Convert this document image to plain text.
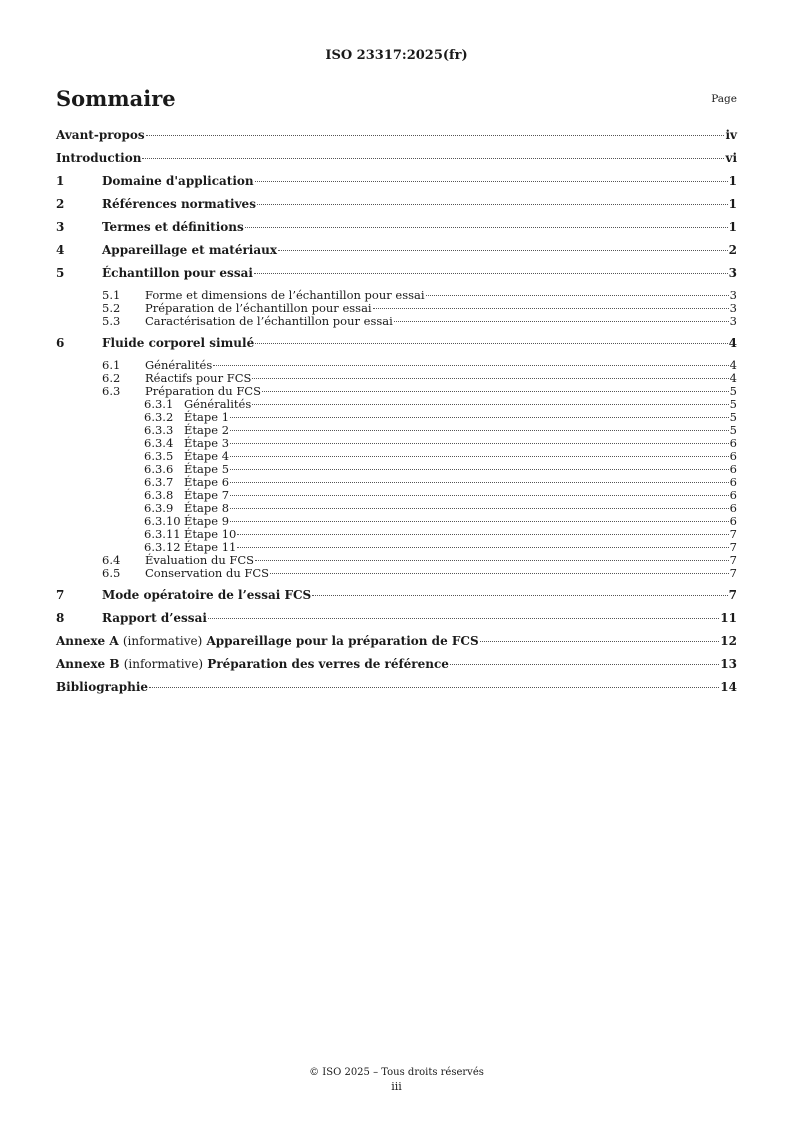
ISO 23317:2025(fr)
Sommaire	Page
Avant-propos	iv
Introduction	vi
1	Domaine d'application	1
2	Références normatives	1
3	Termes et définitions	1
4	Appareillage et matériaux	2
5	Échantillon pour essai	3
5.1	Forme et dimensions de l’échantillon pour essai	3
5.2	Préparation de l’échantillon pour essai	3
5.3	Caractérisation de l’échantillon pour essai	3
6	Fluide corporel simulé	4
6.1	Généralités	4
6.2	Réactifs pour FCS	4
6.3	Préparation du FCS	5
6.3.1 Généralités	5
6.3.2 Étape 1	5
6.3.3 Étape 2	5
6.3.4 Étape 3	6
6.3.5 Étape 4	6
6.3.6 Étape 5	6
6.3.7 Étape 6	6
6.3.8 Étape 7	6
6.3.9 Étape 8	6
6.3.10 Étape 9	6
6.3.11 Étape 10	7
6.3.12 Étape 11	7
6.4	Évaluation du FCS	7
6.5	Conservation du FCS	7
7	Mode opératoire de l’essai FCS	7
8	Rapport d’essai	11
Annexe A (informative) Appareillage pour la préparation de FCS	12
Annexe B (informative) Préparation des verres de référence	13
Bibliographie	14
© ISO 2025 – Tous droits réservés
iii
